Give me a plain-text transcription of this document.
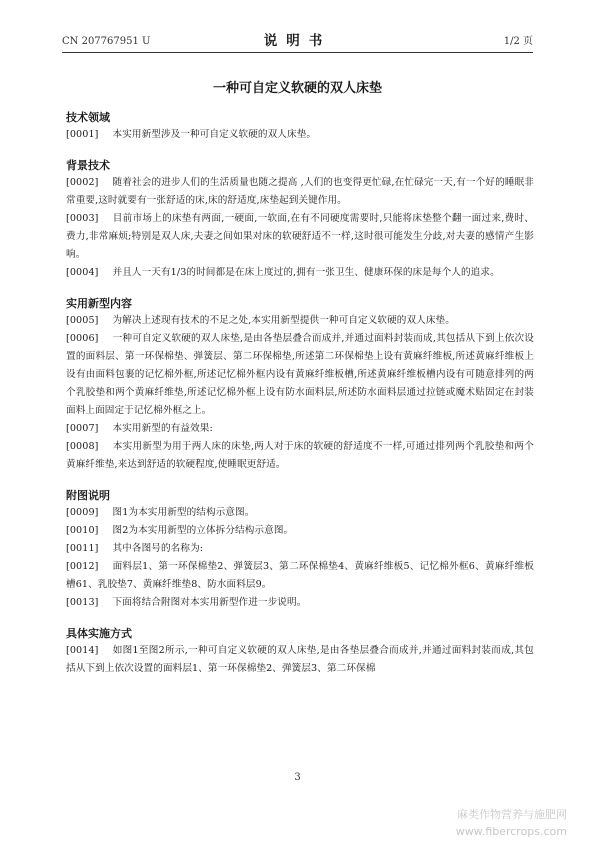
CN 207767951 U	说明书	1/2 页
一种可自定义软硬的双人床垫

技术领域

[0001] 本实用新型涉及一种可自定义软硬的双人床垫。

背景技术

[0002] 随着社会的进步人们的生活质量也随之提高 ,人们的也变得更忙碌,在忙碌完一天,有一个好的睡眠非常重要,这时就要有一张舒适的床,床的舒适度,床垫起到关键作用。

[0003] 目前市场上的床垫有两面,一硬面,一软面,在有不同硬度需要时,只能将床垫整个翻一面过来,费时、费力,非常麻烦;特别是双人床,夫妻之间如果对床的软硬舒适不一样,这时很可能发生分歧,对夫妻的感情产生影响。

[0004] 并且人一天有1/3的时间都是在床上度过的,拥有一张卫生、健康环保的床是每个人的追求。

实用新型内容

[0005] 为解决上述现有技术的不足之处,本实用新型提供一种可自定义软硬的双人床垫。

[0006] 一种可自定义软硬的双人床垫,是由各垫层叠合而成并,并通过面料封装而成,其包括从下到上依次设置的面料层、第一环保棉垫、弹簧层、第二环保棉垫,所述第二环保棉垫上设有黄麻纤维板,所述黄麻纤维板上设有由面料包裹的记忆棉外框,所述记忆棉外框内设有黄麻纤维板槽,所述黄麻纤维板槽内设有可随意排列的两个乳胶垫和两个黄麻纤维垫,所述记忆棉外框上设有防水面料层,所述防水面料层通过拉链或魔术贴固定在封装面料上面固定于记忆棉外框之上。

[0007] 本实用新型的有益效果:

[0008] 本实用新型为用于两人床的床垫,两人对于床的软硬的舒适度不一样,可通过排列两个乳胶垫和两个黄麻纤维垫,来达到舒适的软硬程度,使睡眠更舒适。

附图说明

[0009] 图1为本实用新型的结构示意图。

[0010] 图2为本实用新型的立体拆分结构示意图。

[0011] 其中各图号的名称为:

[0012] 面料层1、第一环保棉垫2、弹簧层3、第二环保棉垫4、黄麻纤维板5、记忆棉外框6、黄麻纤维板槽61、乳胶垫7、黄麻纤维垫8、防水面料层9。

[0013] 下面将结合附图对本实用新型作进一步说明。

具体实施方式

[0014] 如图1至图2所示,一种可自定义软硬的双人床垫,是由各垫层叠合而成并,并通过面料封装而成,其包括从下到上依次设置的面料层1、第一环保棉垫2、弹簧层3、第二环保棉

3
麻类作物营养与施肥网
www.fibercrops.com
